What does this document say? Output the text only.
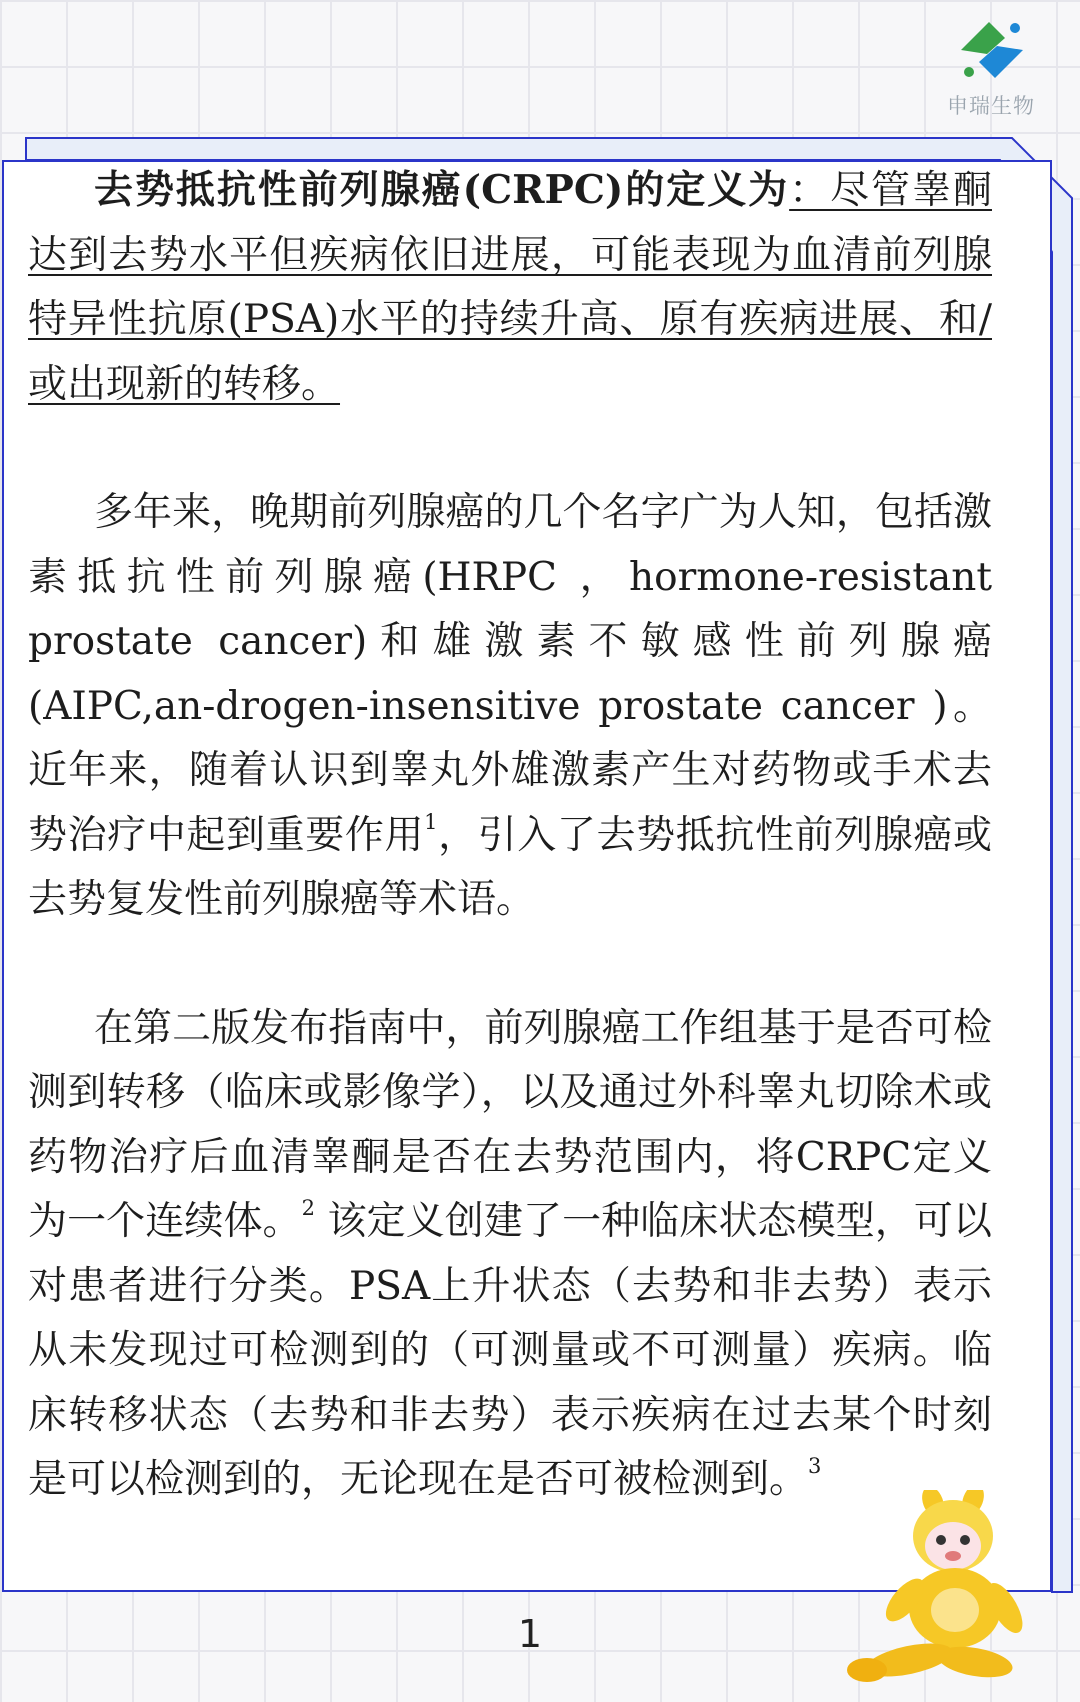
申瑞生物

去势抵抗性前列腺癌(CRPC)的定义为：尽管睾酮达到去势水平但疾病依旧进展，可能表现为血清前列腺特异性抗原(PSA)水平的持续升高、原有疾病进展、和/或出现新的转移。

多年来，晚期前列腺癌的几个名字广为人知，包括激素抵抗性前列腺癌(HRPC ，hormone-resistant prostate cancer)和雄激素不敏感性前列腺癌(AIPC,an-drogen-insensitive prostate cancer )。近年来，随着认识到睾丸外雄激素产生对药物或手术去势治疗中起到重要作用$^1$，引入了去势抵抗性前列腺癌或去势复发性前列腺癌等术语。

在第二版发布指南中，前列腺癌工作组基于是否可检测到转移（临床或影像学），以及通过外科睾丸切除术或药物治疗后血清睾酮是否在去势范围内，将CRPC定义为一个连续体。$^2$ 该定义创建了一种临床状态模型，可以对患者进行分类。PSA上升状态（去势和非去势）表示从未发现过可检测到的（可测量或不可测量）疾病。临床转移状态（去势和非去势）表示疾病在过去某个时刻是可以检测到的，无论现在是否可被检测到。$^3$

1
